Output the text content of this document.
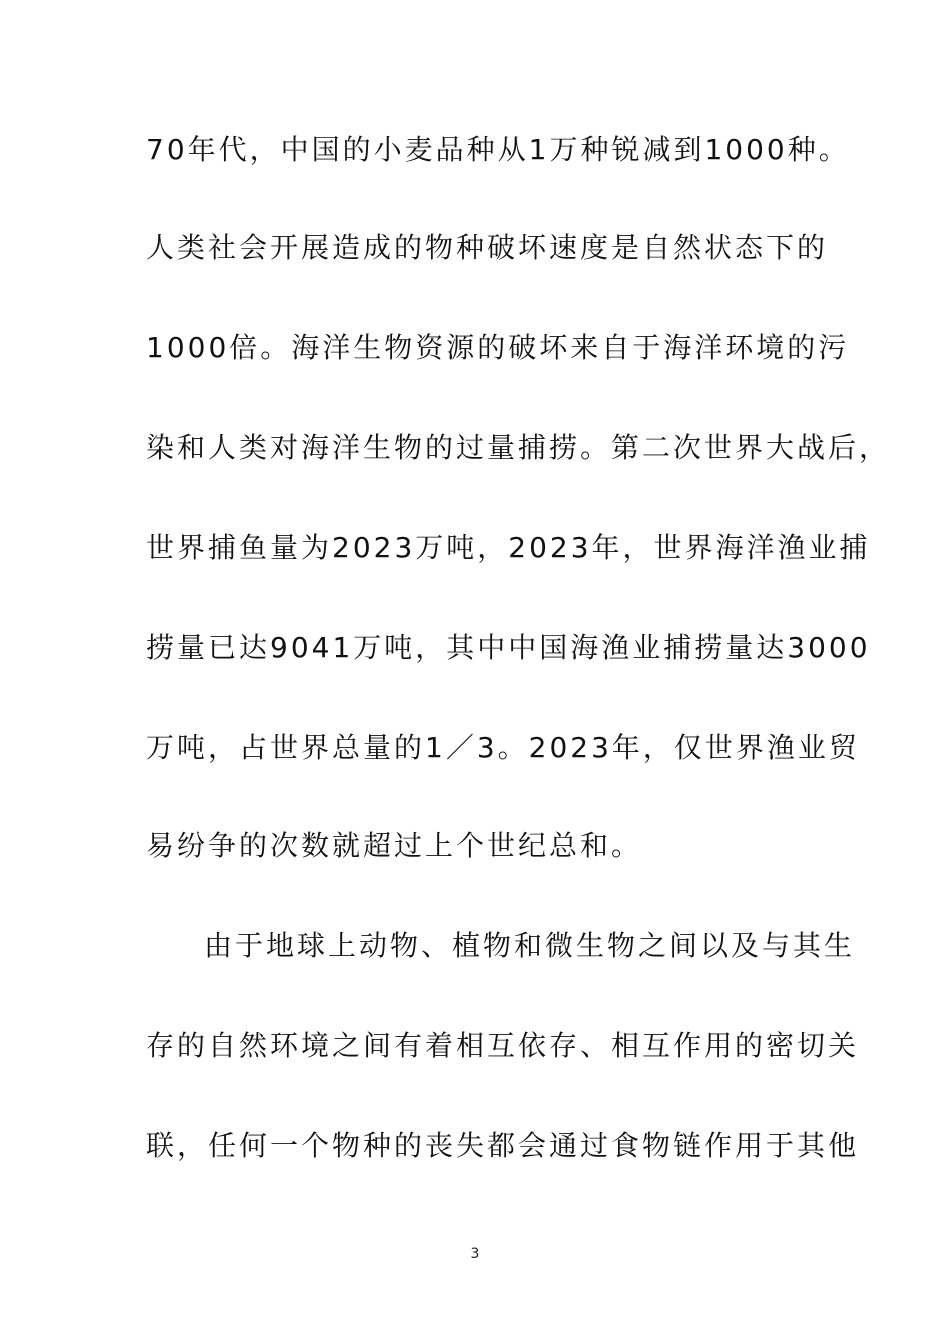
70年代，中国的小麦品种从1万种锐减到1000种。
人类社会开展造成的物种破坏速度是自然状态下的
1000倍。海洋生物资源的破坏来自于海洋环境的污
染和人类对海洋生物的过量捕捞。第二次世界大战后，
世界捕鱼量为2023万吨，2023年，世界海洋渔业捕
捞量已达9041万吨，其中中国海渔业捕捞量达3000
万吨，占世界总量的1／3。2023年，仅世界渔业贸
易纷争的次数就超过上个世纪总和。
由于地球上动物、植物和微生物之间以及与其生
存的自然环境之间有着相互依存、相互作用的密切关
联，任何一个物种的丧失都会通过食物链作用于其他
3
